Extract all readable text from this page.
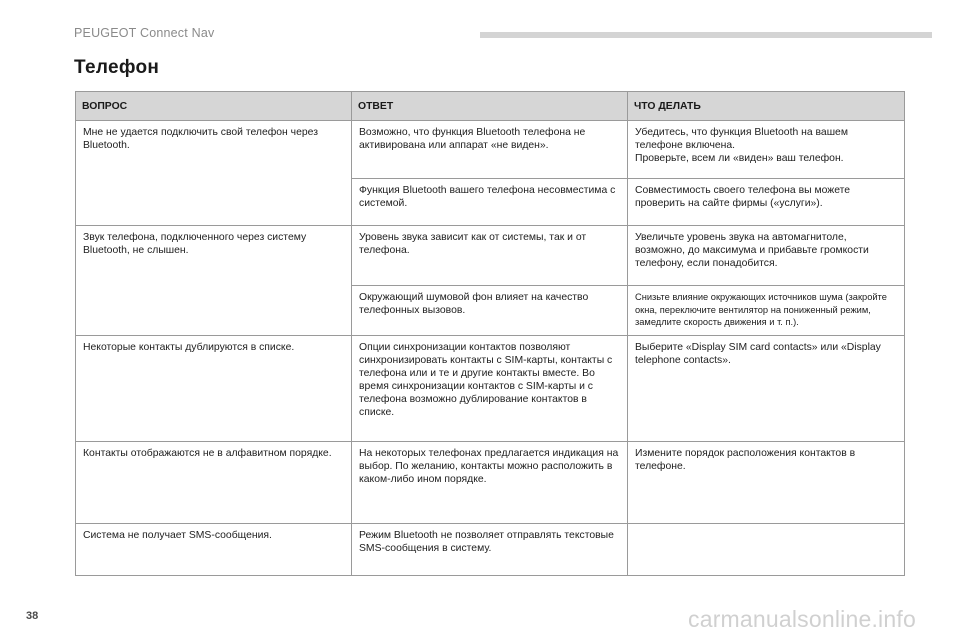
PEUGEOT Connect Nav
Телефон
ВОПРОС	ОТВЕТ	ЧТО ДЕЛАТЬ
Мне не удается подключить свой телефон через Bluetooth.	Возможно, что функция Bluetooth телефона не активирована или аппарат «не виден».	Убедитесь, что функция Bluetooth на вашем телефоне включена.
Проверьте, всем ли «виден» ваш телефон.

	Функция Bluetooth вашего телефона несовместима с системой.	Совместимость своего телефона вы можете проверить на сайте фирмы («услуги»).

Звук телефона, подключенного через систему Bluetooth, не слышен.	Уровень звука зависит как от системы, так и от телефона.	Увеличьте уровень звука на автомагнитоле, возможно, до максимума и прибавьте громкости телефону, если понадобится.

	Окружающий шумовой фон влияет на качество телефонных вызовов.	Снизьте влияние окружающих источников шума (закройте окна, переключите вентилятор на пониженный режим, замедлите скорость движения и т. п.).

Некоторые контакты дублируются в списке.	Опции синхронизации контактов позволяют синхронизировать контакты с SIM-карты, контакты с телефона или и те и другие контакты вместе. Во время синхронизации контактов с SIM-карты и с телефона возможно дублирование контактов в списке.	Выберите «Display SIM card contacts» или «Display telephone contacts».

Контакты отображаются не в алфавитном порядке.	На некоторых телефонах предлагается индикация на выбор. По желанию, контакты можно расположить в каком-либо ином порядке.	Измените порядок расположения контактов в телефоне.

Система не получает SMS-сообщения.	Режим Bluetooth не позволяет отправлять текстовые SMS-сообщения в систему.	
38	carmanualsonline.info
